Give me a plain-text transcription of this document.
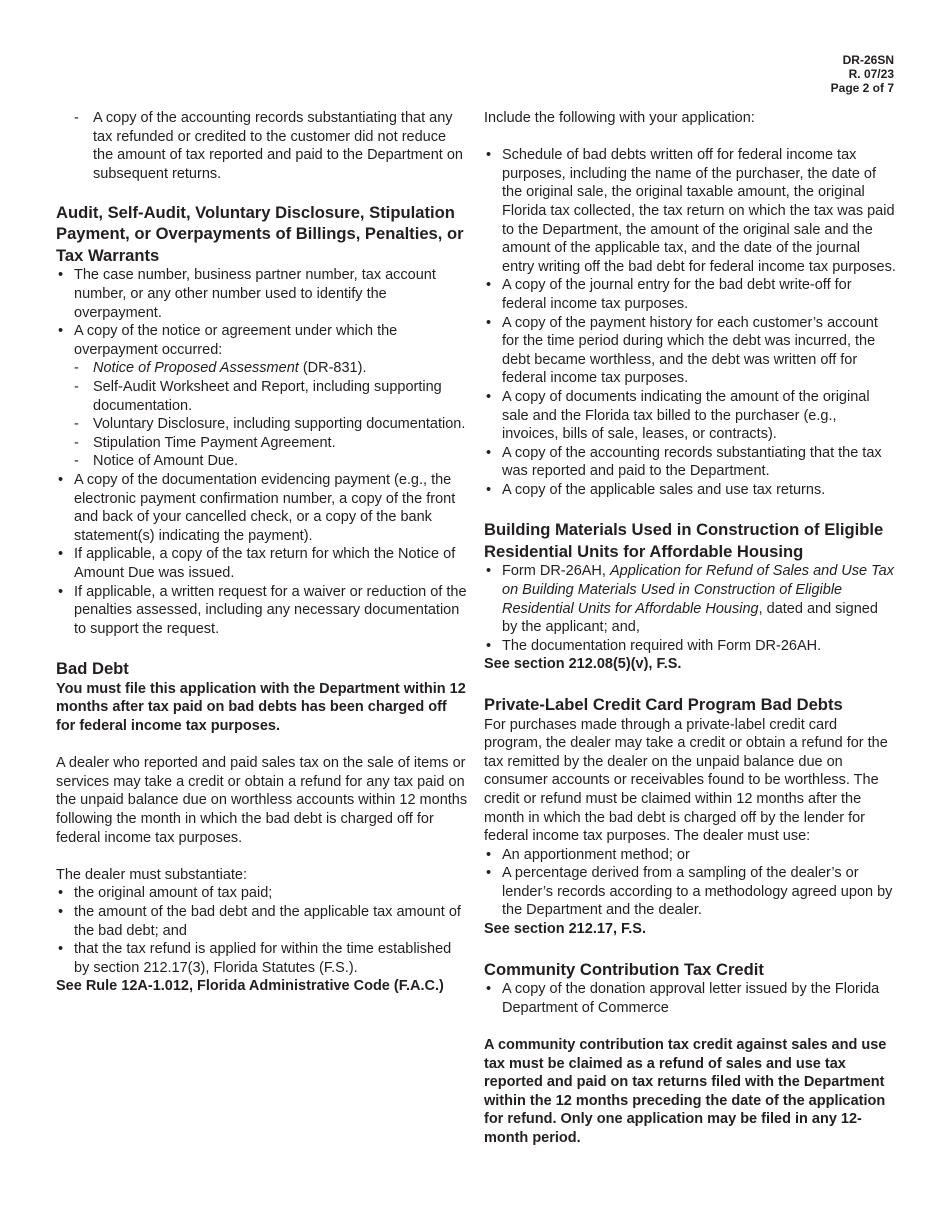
DR-26SN
R. 07/23
Page 2 of 7
- A copy of the accounting records substantiating that any tax refunded or credited to the customer did not reduce the amount of tax reported and paid to the Department on subsequent returns.
Audit, Self-Audit, Voluntary Disclosure, Stipulation Payment, or Overpayments of Billings, Penalties, or Tax Warrants
• The case number, business partner number, tax account number, or any other number used to identify the overpayment.
• A copy of the notice or agreement under which the overpayment occurred:
- Notice of Proposed Assessment (DR-831).
- Self-Audit Worksheet and Report, including supporting documentation.
- Voluntary Disclosure, including supporting documentation.
- Stipulation Time Payment Agreement.
- Notice of Amount Due.
• A copy of the documentation evidencing payment (e.g., the electronic payment confirmation number, a copy of the front and back of your cancelled check, or a copy of the bank statement(s) indicating the payment).
• If applicable, a copy of the tax return for which the Notice of Amount Due was issued.
• If applicable, a written request for a waiver or reduction of the penalties assessed, including any necessary documentation to support the request.
Bad Debt

You must file this application with the Department within 12 months after tax paid on bad debts has been charged off for federal income tax purposes.

A dealer who reported and paid sales tax on the sale of items or services may take a credit or obtain a refund for any tax paid on the unpaid balance due on worthless accounts within 12 months following the month in which the bad debt is charged off for federal income tax purposes.

The dealer must substantiate:

• the original amount of tax paid;
• the amount of the bad debt and the applicable tax amount of the bad debt; and
• that the tax refund is applied for within the time established by section 212.17(3), Florida Statutes (F.S.).

See Rule 12A-1.012, Florida Administrative Code (F.A.C.)

Include the following with your application:

• Schedule of bad debts written off for federal income tax purposes, including the name of the purchaser, the date of the original sale, the original taxable amount, the original Florida tax collected, the tax return on which the tax was paid to the Department, the amount of the original sale and the amount of the applicable tax, and the date of the journal entry writing off the bad debt for federal income tax purposes.
• A copy of the journal entry for the bad debt write-off for federal income tax purposes.
• A copy of the payment history for each customer’s account for the time period during which the debt was incurred, the debt became worthless, and the debt was written off for federal income tax purposes.
• A copy of documents indicating the amount of the original sale and the Florida tax billed to the purchaser (e.g., invoices, bills of sale, leases, or contracts).
• A copy of the accounting records substantiating that the tax was reported and paid to the Department.
• A copy of the applicable sales and use tax returns.
Building Materials Used in Construction of Eligible Residential Units for Affordable Housing
• Form DR-26AH, Application for Refund of Sales and Use Tax on Building Materials Used in Construction of Eligible Residential Units for Affordable Housing, dated and signed by the applicant; and,
• The documentation required with Form DR-26AH.

See section 212.08(5)(v), F.S.

Private-Label Credit Card Program Bad Debts

For purchases made through a private-label credit card program, the dealer may take a credit or obtain a refund for the tax remitted by the dealer on the unpaid balance due on consumer accounts or receivables found to be worthless. The credit or refund must be claimed within 12 months after the month in which the bad debt is charged off by the lender for federal income tax purposes. The dealer must use:

• An apportionment method; or
• A percentage derived from a sampling of the dealer’s or lender’s records according to a methodology agreed upon by the Department and the dealer.

See section 212.17, F.S.

Community Contribution Tax Credit
• A copy of the donation approval letter issued by the Florida Department of Commerce

A community contribution tax credit against sales and use tax must be claimed as a refund of sales and use tax reported and paid on tax returns filed with the Department within the 12 months preceding the date of the application for refund. Only one application may be filed in any 12-month period.
